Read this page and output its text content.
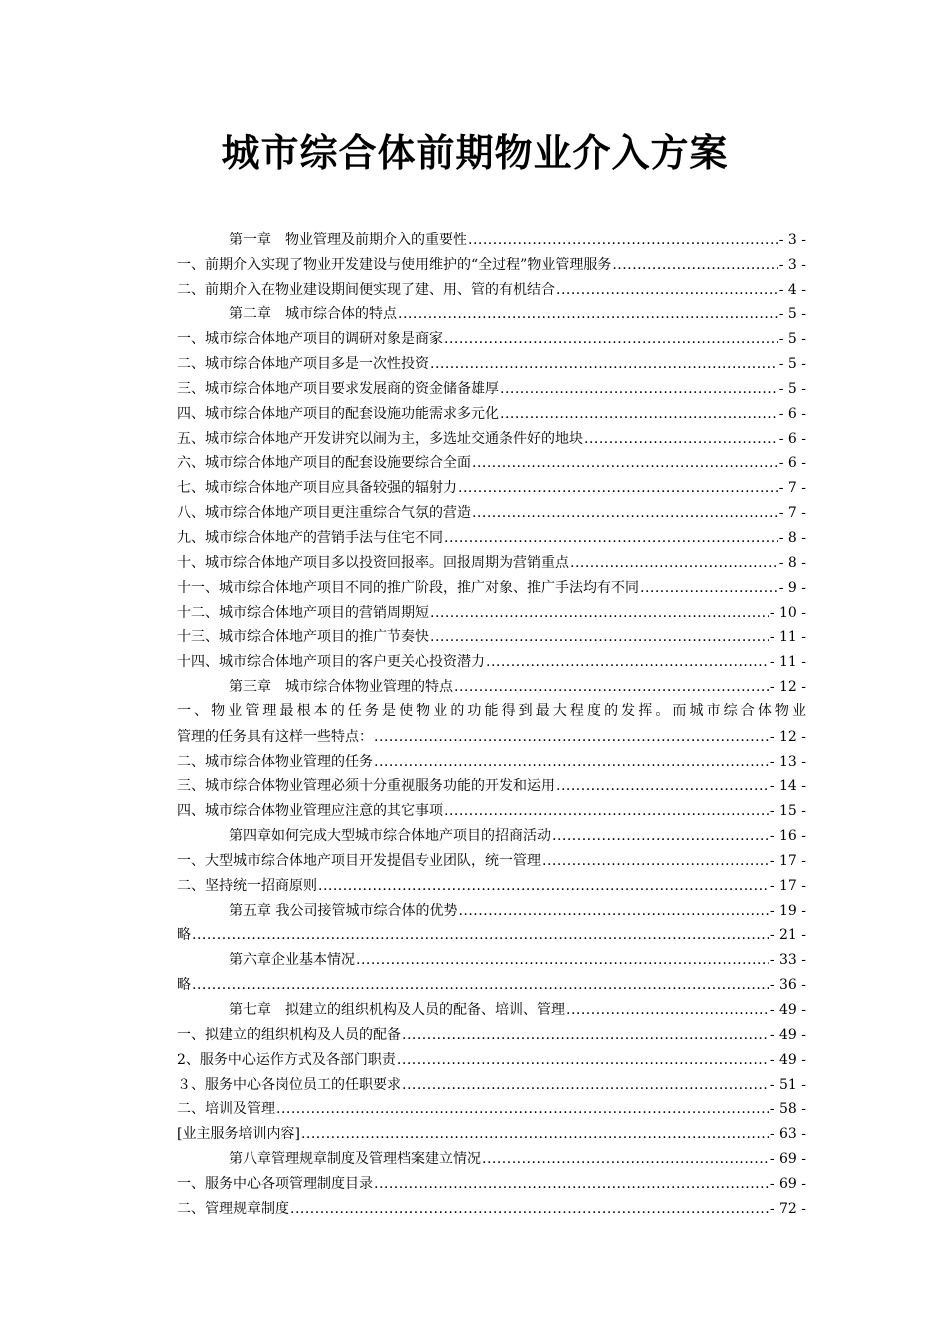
城市综合体前期物业介入方案
第一章　物业管理及前期介入的重要性 .....	- 3 -
一、前期介入实现了物业开发建设与使用维护的“全过程”物业管理服务 .....	- 3 -
二、前期介入在物业建设期间便实现了建、用、管的有机结合 .....	- 4 -
第二章　城市综合体的特点 .....	- 5 -
一、城市综合体地产项目的调研对象是商家 .....	- 5 -
二、城市综合体地产项目多是一次性投资 .....	- 5 -
三、城市综合体地产项目要求发展商的资金储备雄厚 .....	- 5 -
四、城市综合体地产项目的配套设施功能需求多元化 .....	- 6 -
五、城市综合体地产开发讲究以闹为主，多选址交通条件好的地块 .....	- 6 -
六、城市综合体地产项目的配套设施要综合全面 .....	- 6 -
七、城市综合体地产项目应具备较强的辐射力 .....	- 7 -
八、城市综合体地产项目更注重综合气氛的营造 .....	- 7 -
九、城市综合体地产的营销手法与住宅不同 .....	- 8 -
十、城市综合体地产项目多以投资回报率。回报周期为营销重点 .....	- 8 -
十一、城市综合体地产项目不同的推广阶段，推广对象、推广手法均有不同 .....	- 9 -
十二、城市综合体地产项目的营销周期短 .....	- 10 -
十三、城市综合体地产项目的推广节奏快 .....	- 11 -
十四、城市综合体地产项目的客户更关心投资潜力 .....	- 11 -
第三章　城市综合体物业管理的特点 .....	- 12 -
一、物业管理最根本的任务是使物业的功能得到最大程度的发挥。而城市综合体物业
管理的任务具有这样一些特点： .....	- 12 -
二、城市综合体物业管理的任务 .....	- 13 -
三、城市综合体物业管理必须十分重视服务功能的开发和运用 .....	- 14 -
四、城市综合体物业管理应注意的其它事项 .....	- 15 -
第四章如何完成大型城市综合体地产项目的招商活动 .....	- 16 -
一、大型城市综合体地产项目开发提倡专业团队，统一管理 .....	- 17 -
二、坚持统一招商原则 .....	- 17 -
第五章 我公司接管城市综合体的优势 .....	- 19 -
略 .....	- 21 -
第六章企业基本情况 .....	- 33 -
略 .....	- 36 -
第七章　拟建立的组织机构及人员的配备、培训、管理 .....	- 49 -
一、拟建立的组织机构及人员的配备 .....	- 49 -
2、服务中心运作方式及各部门职责 .....	- 49 -
３、服务中心各岗位员工的任职要求 .....	- 51 -
二、培训及管理 .....	- 58 -
[业主服务培训内容] .....	- 63 -
第八章管理规章制度及管理档案建立情况 .....	- 69 -
一、服务中心各项管理制度目录 .....	- 69 -
二、管理规章制度 .....	- 72 -
